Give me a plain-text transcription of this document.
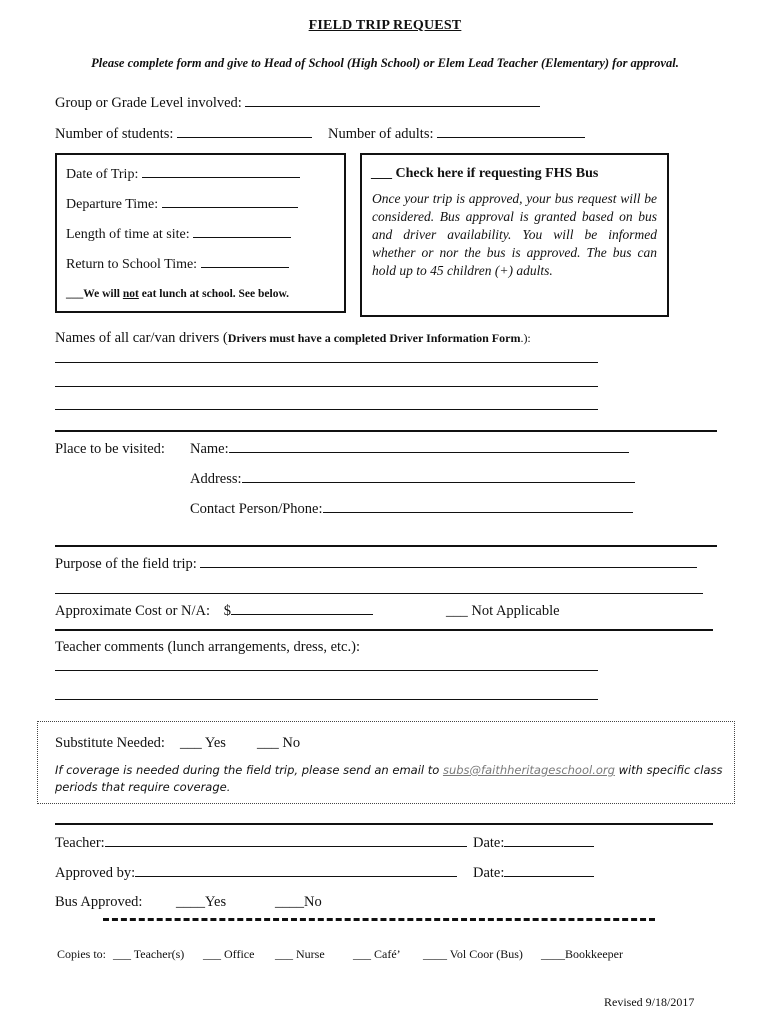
FIELD TRIP REQUEST
Please complete form and give to Head of School (High School) or Elem Lead Teacher (Elementary) for approval.
Group or Grade Level involved:
Number of students:	Number of adults:
Date of Trip:
Departure Time:
Length of time at site:
Return to School Time:
___We will not eat lunch at school. See below.
___ Check here if requesting FHS Bus
Once your trip is approved, your bus request will be considered. Bus approval is granted based on bus and driver availability. You will be informed whether or nor the bus is approved. The bus can hold up to 45 children (+) adults.
Names of all car/van drivers (Drivers must have a completed Driver Information Form.):
Place to be visited: Name:
Address:
Contact Person/Phone:
Purpose of the field trip:
Approximate Cost or N/A: $	___ Not Applicable
Teacher comments (lunch arrangements, dress, etc.):
Substitute Needed: ___ Yes ___ No
If coverage is needed during the field trip, please send an email to subs@faithheritageschool.org with specific class
periods that require coverage.
Teacher:	Date:
Approved by:	Date:
Bus Approved: ____Yes	____No
Copies to: ___ Teacher(s) ___ Office ___ Nurse ___ Café’ ____ Vol Coor (Bus) ____Bookkeeper
Revised 9/18/2017
